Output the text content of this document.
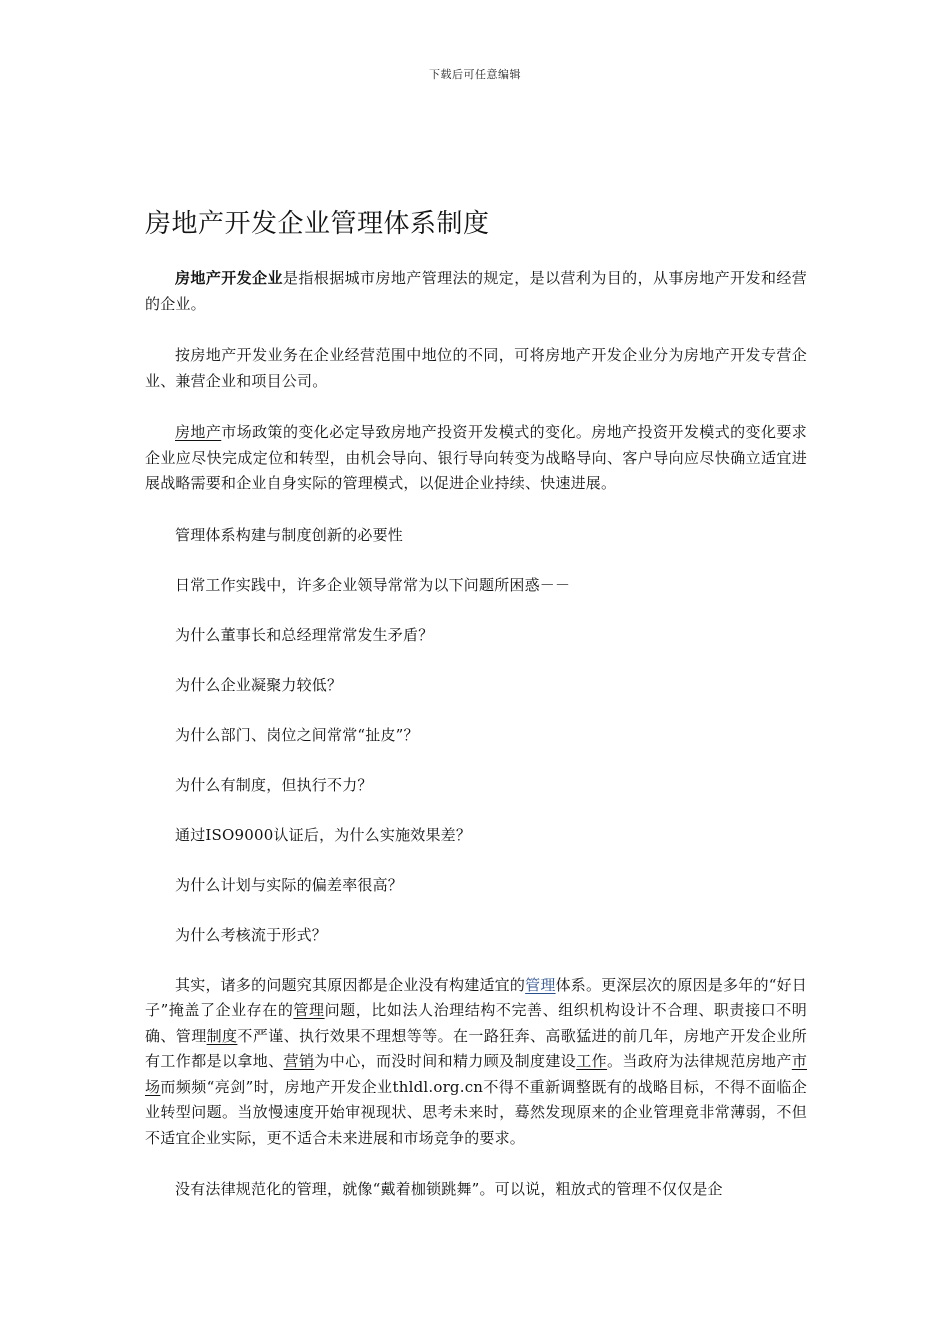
下载后可任意编辑
房地产开发企业管理体系制度

房地产开发企业是指根据城市房地产管理法的规定，是以营利为目的，从事房地产开发和经营的企业。

按房地产开发业务在企业经营范围中地位的不同，可将房地产开发企业分为房地产开发专营企业、兼营企业和项目公司。

房地产市场政策的变化必定导致房地产投资开发模式的变化。房地产投资开发模式的变化要求企业应尽快完成定位和转型，由机会导向、银行导向转变为战略导向、客户导向应尽快确立适宜进展战略需要和企业自身实际的管理模式，以促进企业持续、快速进展。

管理体系构建与制度创新的必要性

日常工作实践中，许多企业领导常常为以下问题所困惑－－

为什么董事长和总经理常常发生矛盾？

为什么企业凝聚力较低？

为什么部门、岗位之间常常“扯皮”？

为什么有制度，但执行不力？

通过ISO9000认证后，为什么实施效果差？

为什么计划与实际的偏差率很高？

为什么考核流于形式？

其实，诸多的问题究其原因都是企业没有构建适宜的管理体系。更深层次的原因是多年的“好日子”掩盖了企业存在的管理问题，比如法人治理结构不完善、组织机构设计不合理、职责接口不明确、管理制度不严谨、执行效果不理想等等。在一路狂奔、高歌猛进的前几年，房地产开发企业所有工作都是以拿地、营销为中心，而没时间和精力顾及制度建设工作。当政府为法律规范房地产市场而频频“亮剑”时，房地产开发企业thldl.org.cn不得不重新调整既有的战略目标，不得不面临企业转型问题。当放慢速度开始审视现状、思考未来时，蓦然发现原来的企业管理竟非常薄弱，不但不适宜企业实际，更不适合未来进展和市场竞争的要求。

没有法律规范化的管理，就像“戴着枷锁跳舞”。可以说，粗放式的管理不仅仅是企
